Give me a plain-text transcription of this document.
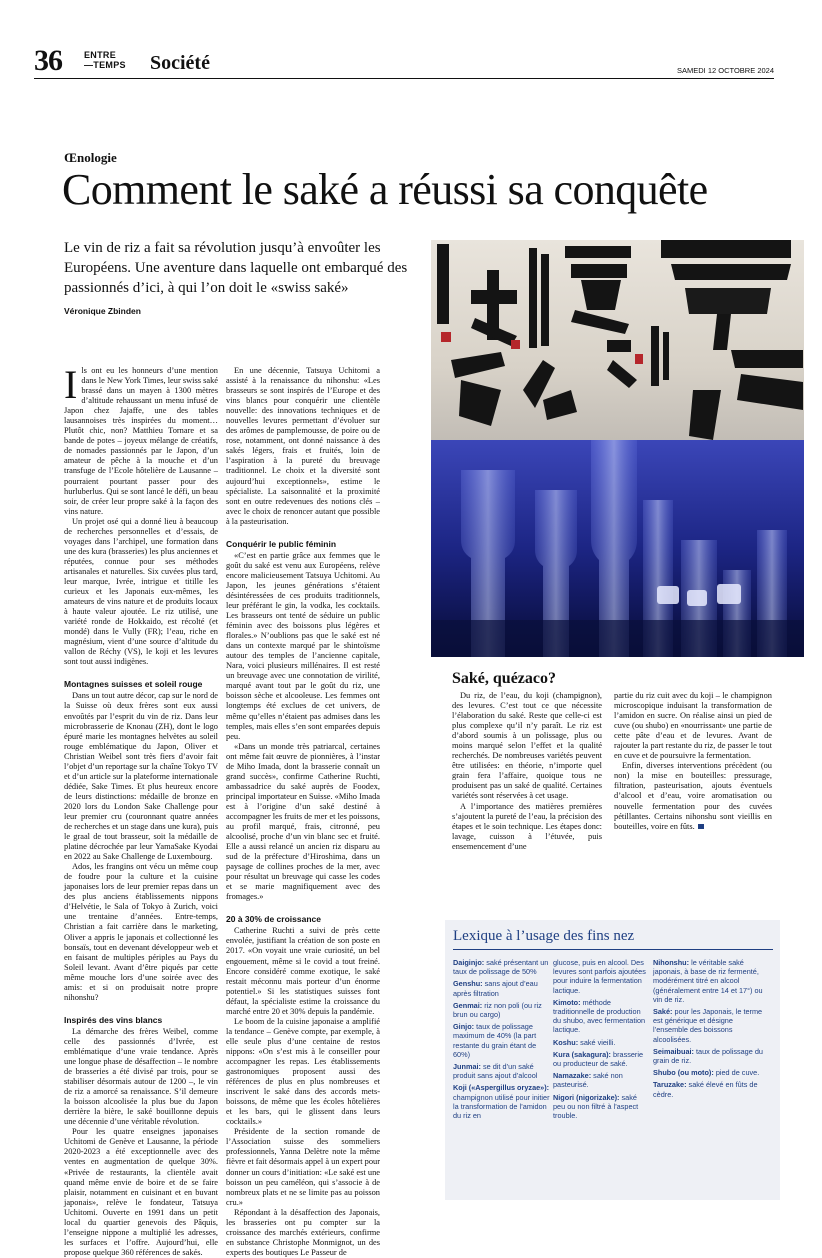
36 ENTRE
—TEMPS Société	SAMEDI 12 OCTOBRE 2024
Œnologie
Comment le saké a réussi sa conquête
Le vin de riz a fait sa révolution jusqu’à envoûter les Européens. Une aventure dans laquelle ont embarqué des passionnés d’ici, à qui l’on doit le «swiss saké»
Véronique Zbinden
I ls ont eu les honneurs d’une mention dans le New York Times, leur swiss saké brassé dans un mayen à 1300 mètres d’altitude rehaussant un menu infusé de Japon chez Jajaffe, une des tables lausannoises très inspirées du moment… Plutôt chic, non? Matthieu Tornare et sa bande de potes – joyeux mélange de créatifs, de nomades passionnés par le Japon, d’un amateur de pêche à la mouche et d’un transfuge de l’Ecole hôtelière de Lausanne – pourraient pourtant passer pour des hurluberlus. Qui se sont lancé le défi, un beau soir, de créer leur propre saké à la façon des vins nature.

Un projet osé qui a donné lieu à beaucoup de recherches personnelles et d’essais, de voyages dans l’archipel, une formation dans une des kura (brasseries) les plus anciennes et réputées, connue pour ses méthodes artisanales et naturelles. Six cuvées plus tard, leur marque, Ivrée, intrigue et titille les curieux et les Japonais eux-mêmes, les amateurs de vins nature et de produits locaux à haute valeur ajoutée. Le riz utilisé, une variété ronde de Hokkaido, est récolté (et mondé) dans le Vully (FR); l’eau, riche en magnésium, vient d’une source d’altitude du vallon de Réchy (VS), le koji et les levures sont tout aussi indigènes.

Montagnes suisses et soleil rouge

Dans un tout autre décor, cap sur le nord de la Suisse où deux frères sont eux aussi envoûtés par l’esprit du vin de riz. Dans leur microbrasserie de Knonau (ZH), dont le logo épuré marie les montagnes helvètes au soleil rouge emblématique du Japon, Oliver et Christian Weibel sont très fiers d’avoir fait l’objet d’un reportage sur la chaîne Tokyo TV et d’un article sur la plateforme internationale dédiée, Sake Times. Et plus heureux encore de leurs distinctions: médaille de bronze en 2020 lors du London Sake Challenge pour leur premier cru (couronnant quatre années de recherches et un stage dans une kura), puis le graal de tout brasseur, soit la médaille de platine décrochée par leur YamaSake Kyodai en 2022 au Sake Challenge de Luxembourg.

Ados, les frangins ont vécu un même coup de foudre pour la culture et la cuisine japonaises lors de leur premier repas dans un des plus anciens établissements nippons d’Helvétie, le Sala of Tokyo à Zurich, voici une trentaine d’années. Entre-temps, Christian a fait carrière dans le marketing, Oliver a appris le japonais et collectionné les bonsaïs, tout en devenant développeur web et en faisant de multiples périples au Pays du Soleil levant. Avant d’être piqués par cette même mouche lors d’une soirée avec des amis: et si on produisait notre propre nihonshu?

Inspirés des vins blancs

La démarche des frères Weibel, comme celle des passionnés d’Ivrée, est emblématique d’une vraie tendance. Après une longue phase de désaffection – le nombre de brasseries a été divisé par trois, pour se stabiliser désormais autour de 1200 –, le vin de riz a amorcé sa renaissance. S’il demeure la boisson alcoolisée la plus bue du Japon derrière la bière, le saké bouillonne depuis une décennie d’une véritable révolution.

Pour les quatre enseignes japonaises Uchitomi de Genève et Lausanne, la période 2020-2023 a été exceptionnelle avec des ventes en augmentation de quelque 30%. «Privée de restaurants, la clientèle avait quand même envie de boire et de se faire plaisir, notamment en cuisinant et en buvant japonais», relève le fondateur, Tatsuya Uchitomi. Ouverte en 1991 dans un petit local du quartier genevois des Pâquis, l’enseigne nippone a multiplié les adresses, les surfaces et l’offre. Aujourd’hui, elle propose quelque 360 références de sakés.

En une décennie, Tatsuya Uchitomi a assisté à la renaissance du nihonshu: «Les brasseurs se sont inspirés de l’Europe et des vins blancs pour conquérir une clientèle nouvelle: des innovations techniques et de nouvelles levures permettant d’évoluer sur des arômes de pamplemousse, de poire ou de rose, notamment, ont donné naissance à des sakés légers, frais et fruités, loin de l’aspiration à la pureté du breuvage traditionnel. Le choix et la diversité sont aujourd’hui exceptionnels», estime le spécialiste. La saisonnalité et la proximité sont en outre redevenues des notions clés – avec le choix de renoncer autant que possible à la pasteurisation.

Conquérir le public féminin

«C’est en partie grâce aux femmes que le goût du saké est venu aux Européens, relève encore malicieusement Tatsuya Uchitomi. Au Japon, les jeunes générations s’étaient désintéressées de ces produits traditionnels, leur préférant le gin, la vodka, les cocktails. Les brasseurs ont tenté de séduire un public féminin avec des boissons plus légères et florales.» N’oublions pas que le saké est né dans un contexte marqué par le shintoïsme autour des temples de l’ancienne capitale, Nara, voici plusieurs millénaires. Il est resté un breuvage avec une connotation de virilité, marqué avant tout par le goût du riz, une boisson sèche et alcooleuse. Les femmes ont longtemps été exclues de cet univers, de même qu’elles n’étaient pas admises dans les temples, mais elles s’en sont emparées depuis peu.

«Dans un monde très patriarcal, certaines ont même fait œuvre de pionnières, à l’instar de Miho Imada, dont la brasserie connaît un grand succès», confirme Catherine Ruchti, ambassadrice du saké auprès de Foodex, principal importateur en Suisse. «Miho Imada est à l’origine d’un saké destiné à accompagner les fruits de mer et les poissons, au profil marqué, frais, citronné, peu alcoolisé, proche d’un vin blanc sec et fruité. Elle a aussi relancé un ancien riz disparu au sud de la préfecture d’Hiroshima, dans un paysage de collines proches de la mer, avec pour résultat un breuvage qui casse les codes et se marie magnifiquement avec des fromages.»

20 à 30% de croissance

Catherine Ruchti a suivi de près cette envolée, justifiant la création de son poste en 2017. «On voyait une vraie curiosité, un bel engouement, même si le covid a tout freiné. Encore considéré comme exotique, le saké restait méconnu mais porteur d’un énorme potentiel.» Si les statistiques suisses font défaut, la spécialiste estime la croissance du marché entre 20 et 30% depuis la pandémie.

Le boom de la cuisine japonaise a amplifié la tendance – Genève compte, par exemple, à elle seule plus d’une centaine de restos nippons: «On s’est mis à le conseiller pour accompagner les repas. Les établissements gastronomiques proposent aussi des références de plus en plus nombreuses et inscrivent le saké dans des accords mets-boissons, de même que les écoles hôtelières et les bars, qui le glissent dans leurs cocktails.»

Présidente de la section romande de l’Association suisse des sommeliers professionnels, Yanna Delètre note la même fièvre et fait désormais appel à un expert pour donner un cours d’initiation: «Le saké est une boisson un peu caméléon, qui s’associe à de nombreux plats et ne se limite pas au poisson cru.»

Répondant à la désaffection des Japonais, les brasseries ont pu compter sur la croissance des marchés extérieurs, confirme en substance Christophe Monmignot, un des experts des boutiques Le Passeur de

Saké, quézaco?

Du riz, de l’eau, du koji (champignon), des levures. C’est tout ce que nécessite l’élaboration du saké. Reste que celle-ci est plus complexe qu’il n’y paraît. Le riz est d’abord soumis à un polissage, plus ou moins marqué selon l’effet et la qualité recherchés. De nombreuses variétés peuvent être utilisées: en théorie, n’importe quel grain fera l’affaire, quoique tous ne produisent pas un saké de qualité. Certaines variétés sont réservées à cet usage.

A l’importance des matières premières s’ajoutent la pureté de l’eau, la précision des étapes et le soin technique. Les étapes donc: lavage, cuisson à l’étuvée, puis ensemencement d’une

partie du riz cuit avec du koji – le champignon microscopique induisant la transformation de l’amidon en sucre. On réalise ainsi un pied de cuve (ou shubo) en «nourrissant» une partie de cette pâte d’eau et de levures. Avant de rajouter la part restante du riz, de passer le tout en cuve et de poursuivre la fermentation.

Enfin, diverses interventions précèdent (ou non) la mise en bouteilles: pressurage, filtration, pasteurisation, ajouts éventuels d’alcool et d’eau, voire aromatisation ou nouvelle fermentation pour des cuvées pétillantes. Certains nihonshu sont vieillis en bouteilles, voire en fûts.

Lexique à l’usage des fins nez
Daiginjo: saké présentant un taux de polissage de 50%
Genshu: sans ajout d’eau après filtration
Genmai: riz non poli (ou riz brun ou cargo)
Ginjo: taux de polissage maximum de 40% (la part restante du grain étant de 60%)
Junmai: se dit d’un saké produit sans ajout d’alcool
Koji («Aspergillus oryzae»): champignon utilisé pour initier la transformation de l’amidon du riz en
glucose, puis en alcool. Des levures sont parfois ajoutées pour induire la fermentation lactique.
Kimoto: méthode traditionnelle de production du shubo, avec fermentation lactique.
Koshu: saké vieilli.
Kura (sakagura): brasserie ou producteur de saké.
Namazake: saké non pasteurisé.
Nigori (nigorizake): saké peu ou non filtré à l’aspect trouble.
Nihonshu: le véritable saké japonais, à base de riz fermenté, modérément titré en alcool (généralement entre 14 et 17°) ou vin de riz.
Saké: pour les Japonais, le terme est générique et désigne l’ensemble des boissons alcoolisées.
Seimaibuai: taux de polissage du grain de riz.
Shubo (ou moto): pied de cuve.
Taruzake: saké élevé en fûts de cèdre.
